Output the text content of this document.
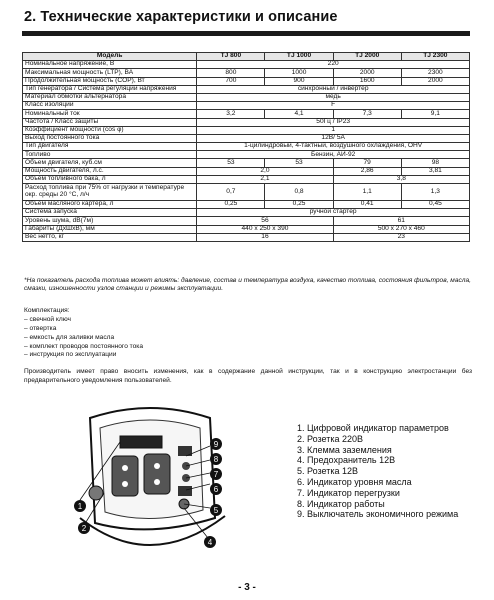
2. Технические характеристики и описание
Модель	TJ 800	TJ 1000	TJ 2000	TJ 2300
Номинальное напряжение, В	220			
Максимальная мощность (LTP), ВА	800	1000	2000	2300
Продолжительная мощность (COP), Вт	700	900	1600	2000
Тип генератора / Система регуляции напряжения	синхронный / инвертер			
Материал обмотки альтернатора	медь			
Класс изоляции	F			
Номинальный ток	3,2	4,1	7,3	9,1
Частота / Класс защиты	50Гц / IP23			
Коэффициент мощности (cos φ)	1			
Выход постоянного тока	12В/ 5А			
Тип двигателя	1-цилиндровый, 4-тактный, воздушного охлаждения, OHV			
Топливо	Бензин, АИ-92			
Объем двигателя, куб.см	53	53	79	98
Мощность двигателя, л.с.	2,0		2,86	3,81
Объем топливного бака, л	2,1		3,8	
Расход топлива при 75% от нагрузки и температуре окр. среды 20 °С, л/ч	0,7	0,8	1,1	1,3
Объем масляного картера, л	0,25	0,25	0,41	0,45
Система запуска	ручной стартер			
Уровень шума, dB(7м)	56		61	
Габариты (ДхШхВ), мм	440 x 250 x 390		500 x 270 x 460	
Вес нетто, кг	16		23	
*На показатель расхода топлива может влиять: давление, состав и температура воздуха, качество топлива, состояния фильтров, масла, смазки, изношенности узлов станции и режимы эксплуатации.
Комплектация:
– свечной ключ
– отвертка
– емкость для заливки масла
– комплект проводов постоянного тока
– инструкция по эксплуатации
Производитель имеет право вносить изменения, как в содержание данной инструкции, так и в конструкцию электростанции без предварительного уведомления пользователей.
1
2
9
8
7
6
5
4
1. Цифровой индикатор параметров
2. Розетка 220В
3. Клемма заземления
4. Предохранитель 12В
5. Розетка 12В
6. Индикатор уровня масла
7. Индикатор перегрузки
8. Индикатор работы
9. Выключатель экономичного режима
- 3 -
